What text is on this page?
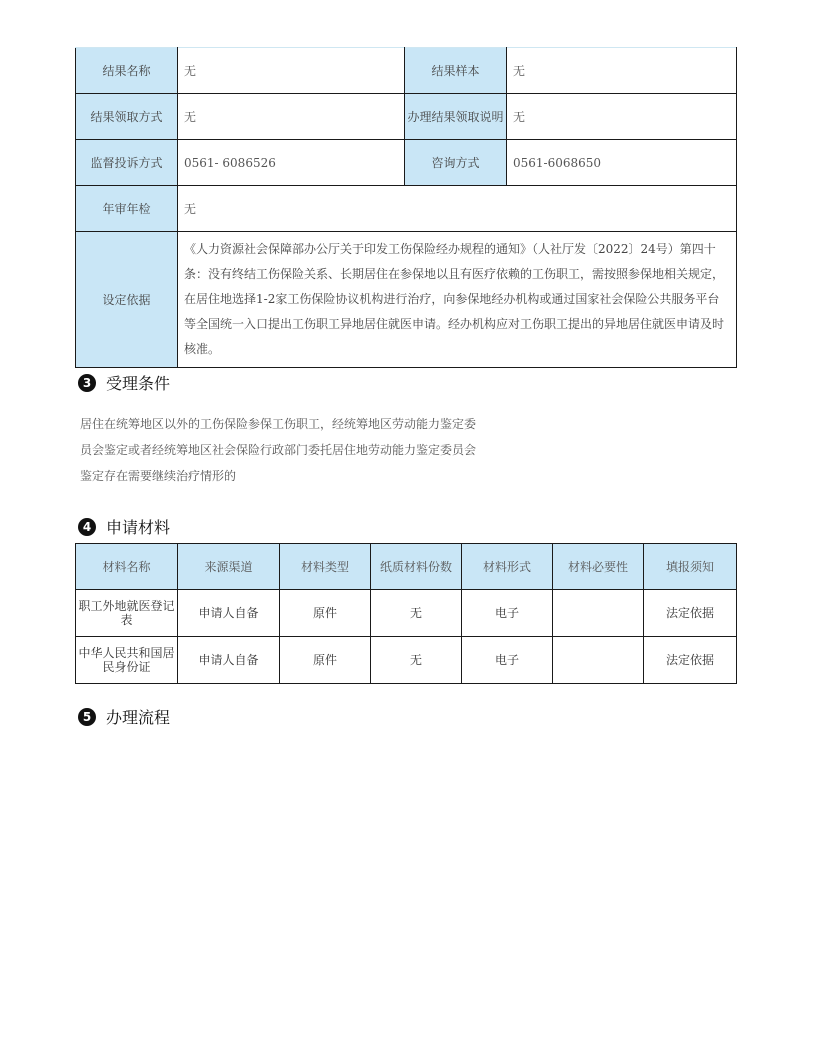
结果名称	无	结果样本	无
结果领取方式	无	办理结果领取说明	无
监督投诉方式	0561- 6086526	咨询方式	0561-6068650
年审年检	无		
设定依据	《人力资源社会保障部办公厅关于印发工伤保险经办规程的通知》（人社厅发〔2022〕24号）第四十条：没有终结工伤保险关系、长期居住在参保地以且有医疗依赖的工伤职工，需按照参保地相关规定，在居住地选择1-2家工伤保险协议机构进行治疗，向参保地经办机构或通过国家社会保险公共服务平台等全国统一入口提出工伤职工异地居住就医申请。经办机构应对工伤职工提出的异地居住就医申请及时核准。		
3 受理条件
居住在统筹地区以外的工伤保险参保工伤职工，经统筹地区劳动能力鉴定委员会鉴定或者经统筹地区社会保险行政部门委托居住地劳动能力鉴定委员会鉴定存在需要继续治疗情形的
4 申请材料
材料名称	来源渠道	材料类型	纸质材料份数	材料形式	材料必要性	填报须知
职工外地就医登记表	申请人自备	原件	无	电子		法定依据
中华人民共和国居民身份证	申请人自备	原件	无	电子		法定依据
5 办理流程
